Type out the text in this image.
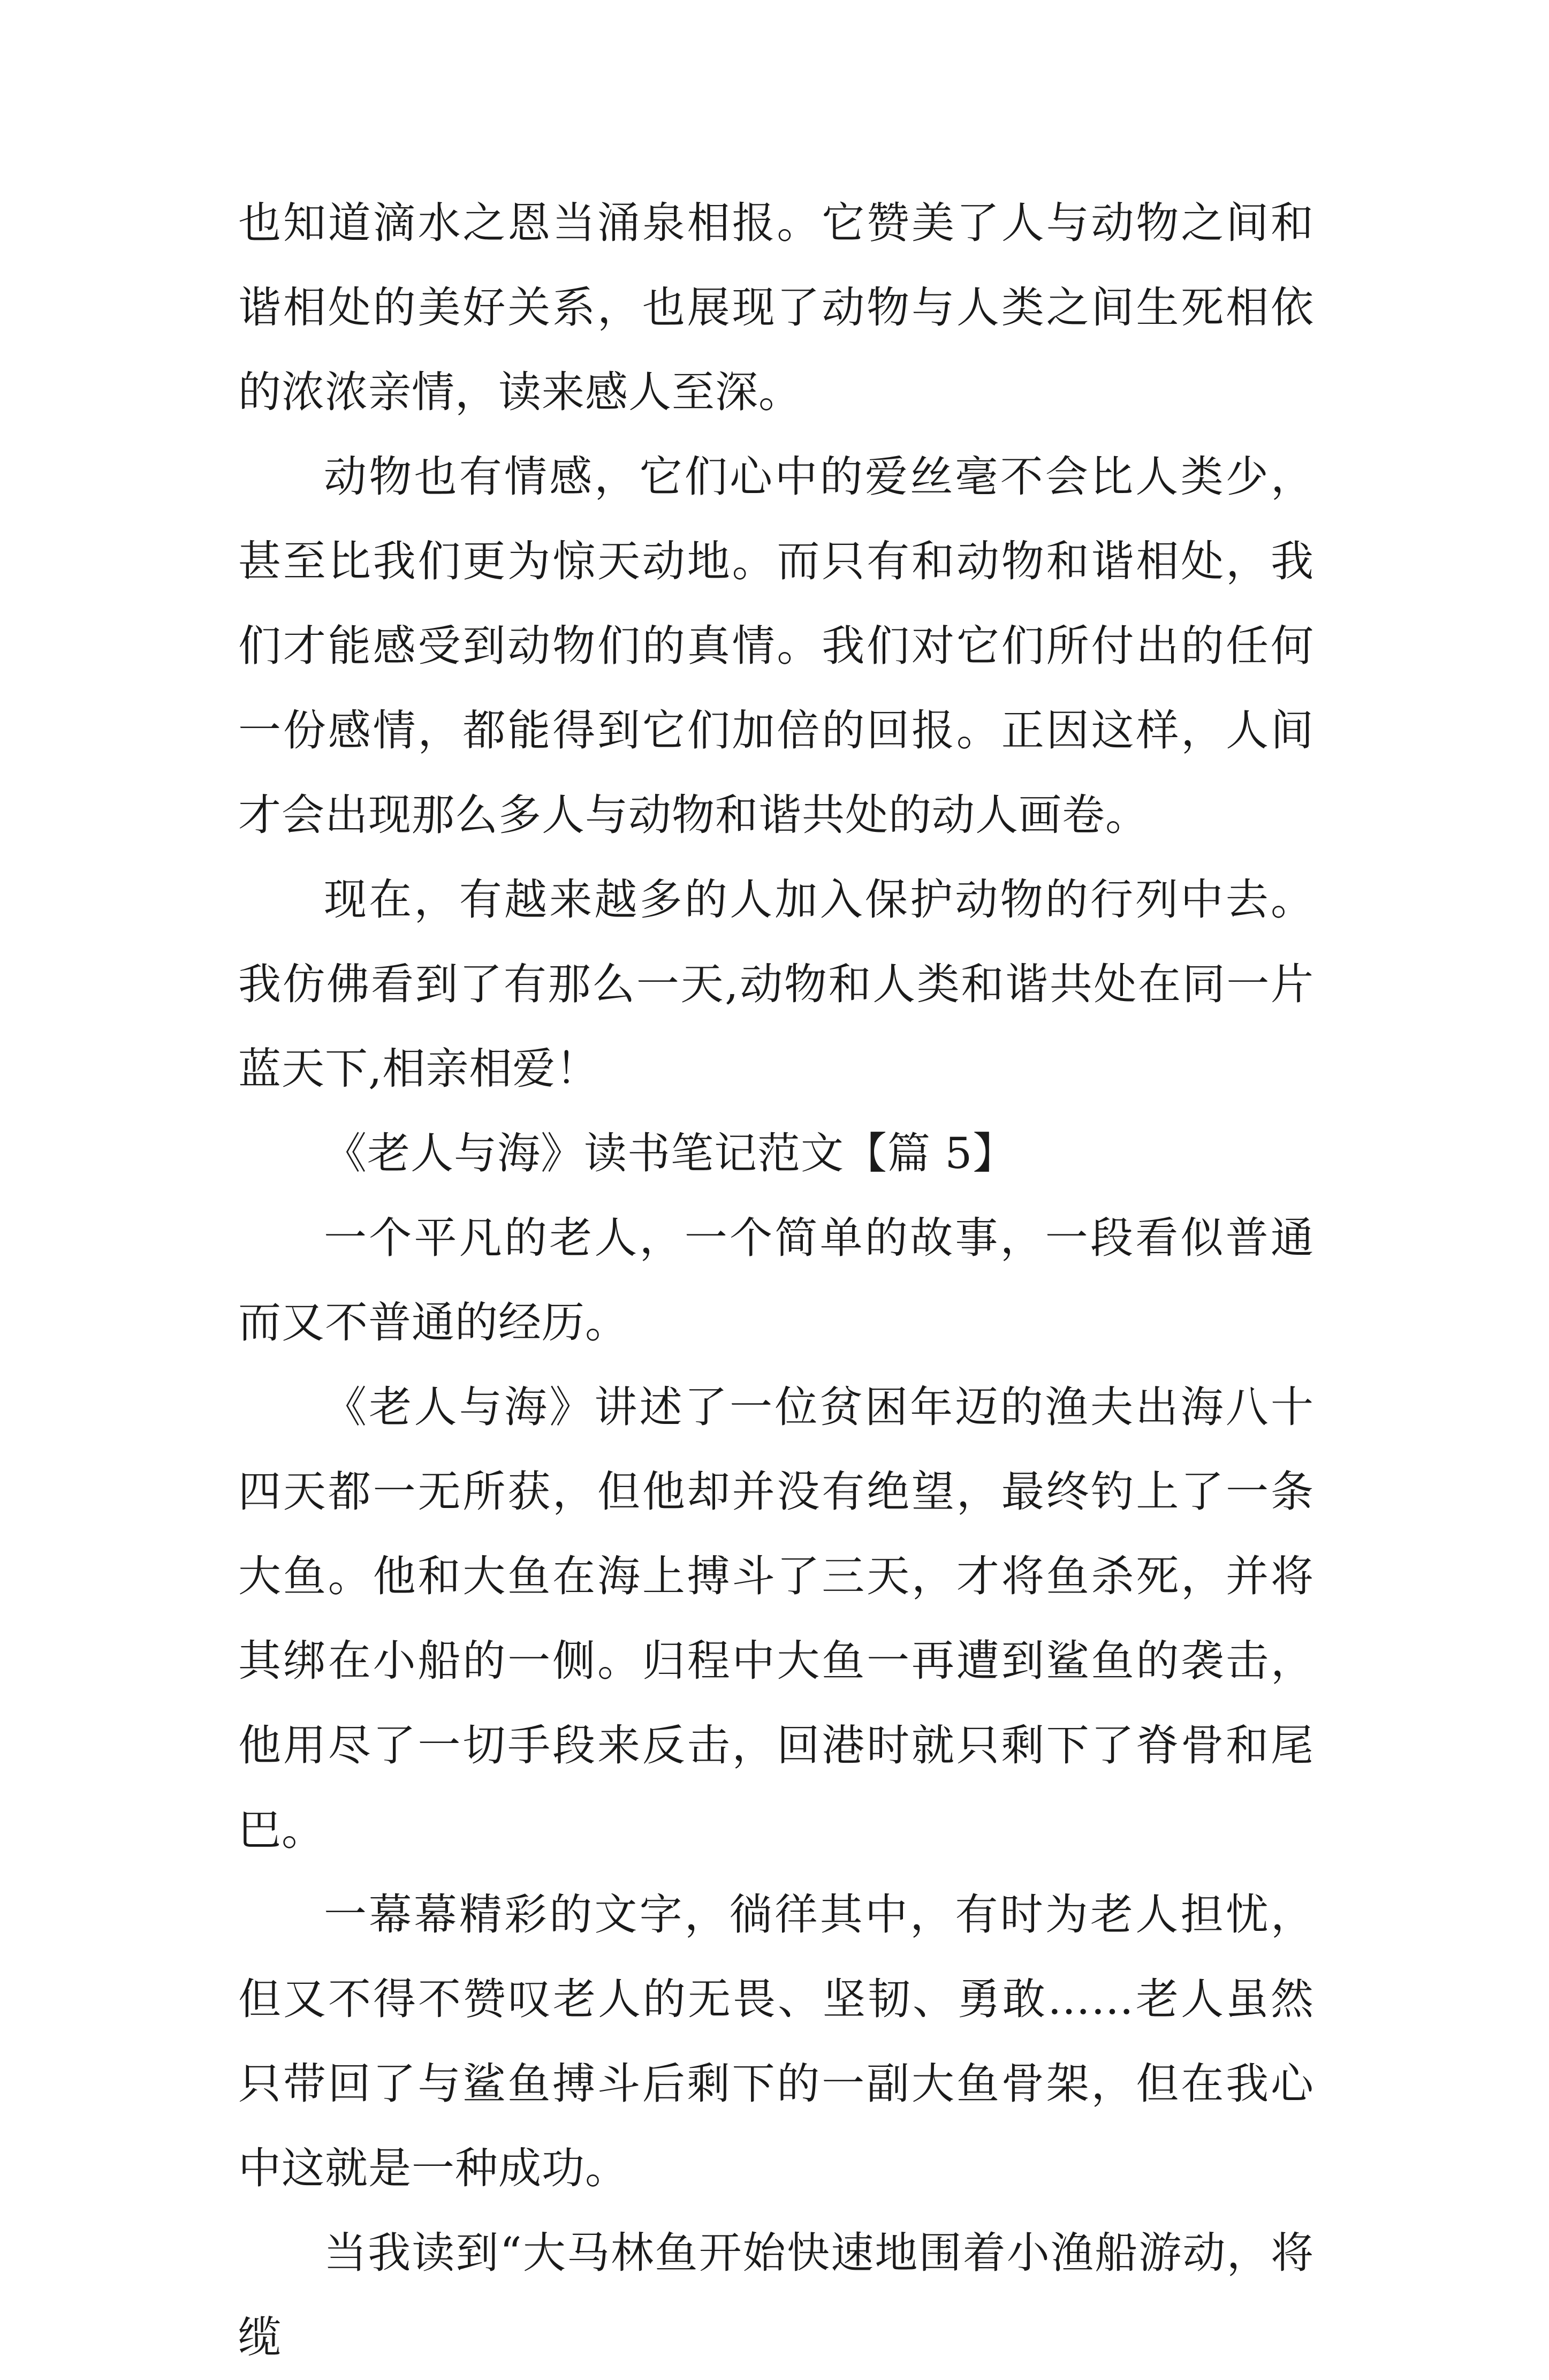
也知道滴水之恩当涌泉相报。它赞美了人与动物之间和谐相处的美好关系，也展现了动物与人类之间生死相依的浓浓亲情，读来感人至深。

动物也有情感，它们心中的爱丝毫不会比人类少，甚至比我们更为惊天动地。而只有和动物和谐相处，我们才能感受到动物们的真情。我们对它们所付出的任何一份感情，都能得到它们加倍的回报。正因这样，人间才会出现那么多人与动物和谐共处的动人画卷。

现在，有越来越多的人加入保护动物的行列中去。我仿佛看到了有那么一天,动物和人类和谐共处在同一片蓝天下,相亲相爱！

《老人与海》读书笔记范文【篇 5】

一个平凡的老人，一个简单的故事，一段看似普通而又不普通的经历。

《老人与海》讲述了一位贫困年迈的渔夫出海八十四天都一无所获，但他却并没有绝望，最终钓上了一条大鱼。他和大鱼在海上搏斗了三天，才将鱼杀死，并将其绑在小船的一侧。归程中大鱼一再遭到鲨鱼的袭击，他用尽了一切手段来反击，回港时就只剩下了脊骨和尾巴。

一幕幕精彩的文字，徜徉其中，有时为老人担忧，但又不得不赞叹老人的无畏、坚韧、勇敢……老人虽然只带回了与鲨鱼搏斗后剩下的一副大鱼骨架，但在我心中这就是一种成功。

当我读到“大马林鱼开始快速地围着小渔船游动，将缆
